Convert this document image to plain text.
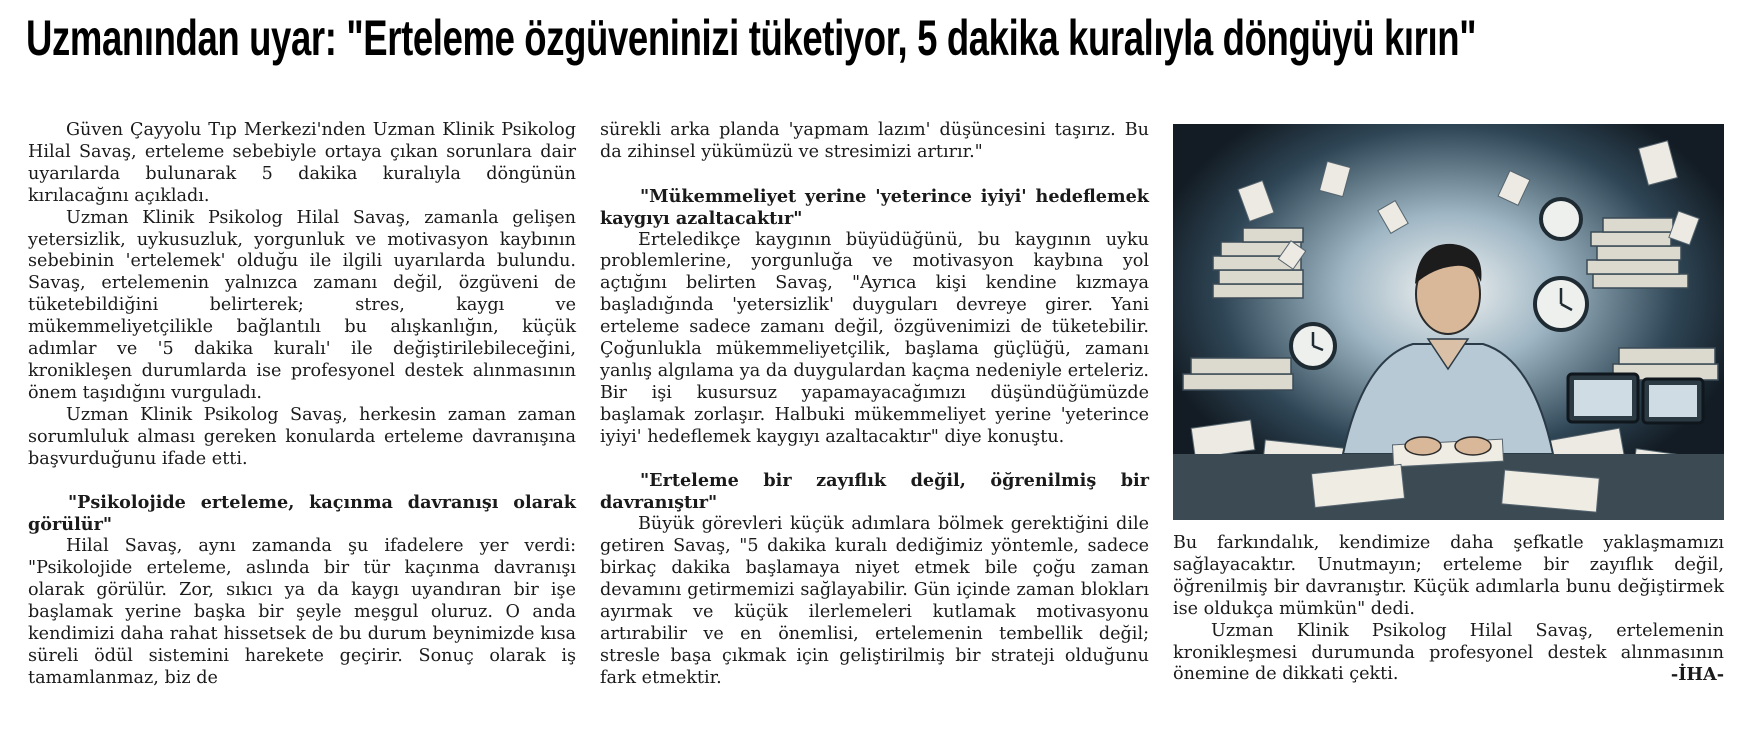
Uzmanından uyar: "Erteleme özgüveninizi tüketiyor, 5 dakika kuralıyla döngüyü kırın"

Güven Çayyolu Tıp Merkezi'nden Uzman Klinik Psikolog Hilal Savaş, erteleme sebebiyle ortaya çıkan sorunlara dair uyarılarda bulunarak 5 dakika kuralıyla döngünün kırılacağını açıkladı.

Uzman Klinik Psikolog Hilal Savaş, zamanla gelişen yetersizlik, uykusuzluk, yorgunluk ve motivasyon kaybının sebebinin 'ertelemek' olduğu ile ilgili uyarılarda bulundu. Savaş, ertelemenin yalnızca zamanı değil, özgüveni de tüketebildiğini belirterek; stres, kaygı ve mükemmeliyetçilikle bağlantılı bu alışkanlığın, küçük adımlar ve '5 dakika kuralı' ile değiştirilebileceğini, kronikleşen durumlarda ise profesyonel destek alınmasının önem taşıdığını vurguladı.

Uzman Klinik Psikolog Savaş, herkesin zaman zaman sorumluluk alması gereken konularda erteleme davranışına başvurduğunu ifade etti.

"Psikolojide erteleme, kaçınma davranışı olarak görülür"

Hilal Savaş, aynı zamanda şu ifadelere yer verdi: "Psikolojide erteleme, aslında bir tür kaçınma davranışı olarak görülür. Zor, sıkıcı ya da kaygı uyandıran bir işe başlamak yerine başka bir şeyle meşgul oluruz. O anda kendimizi daha rahat hissetsek de bu durum beynimizde kısa süreli ödül sistemini harekete geçirir. Sonuç olarak iş tamamlanmaz, biz de

sürekli arka planda 'yapmam lazım' düşüncesini taşırız. Bu da zihinsel yükümüzü ve stresimizi artırır."

"Mükemmeliyet yerine 'yeterince iyiyi' hedeflemek kaygıyı azaltacaktır"

Erteledikçe kaygının büyüdüğünü, bu kaygının uyku problemlerine, yorgunluğa ve motivasyon kaybına yol açtığını belirten Savaş, "Ayrıca kişi kendine kızmaya başladığında 'yetersizlik' duyguları devreye girer. Yani erteleme sadece zamanı değil, özgüvenimizi de tüketebilir. Çoğunlukla mükemmeliyetçilik, başlama güçlüğü, zamanı yanlış algılama ya da duygulardan kaçma nedeniyle erteleriz. Bir işi kusursuz yapamayacağımızı düşündüğümüzde başlamak zorlaşır. Halbuki mükemmeliyet yerine 'yeterince iyiyi' hedeflemek kaygıyı azaltacaktır" diye konuştu.

"Erteleme bir zayıflık değil, öğrenilmiş bir davranıştır"

Büyük görevleri küçük adımlara bölmek gerektiğini dile getiren Savaş, "5 dakika kuralı dediğimiz yöntemle, sadece birkaç dakika başlamaya niyet etmek bile çoğu zaman devamını getirmemizi sağlayabilir. Gün içinde zaman blokları ayırmak ve küçük ilerlemeleri kutlamak motivasyonu artırabilir ve en önemlisi, ertelemenin tembellik değil; stresle başa çıkmak için geliştirilmiş bir strateji olduğunu fark etmektir.

Bu farkındalık, kendimize daha şefkatle yaklaşmamızı sağlayacaktır. Unutmayın; erteleme bir zayıflık değil, öğrenilmiş bir davranıştır. Küçük adımlarla bunu değiştirmek ise oldukça mümkün" dedi.

Uzman Klinik Psikolog Hilal Savaş, ertelemenin kronikleşmesi durumunda profesyonel destek alınmasının önemine de dikkati çekti.	-İHA-
